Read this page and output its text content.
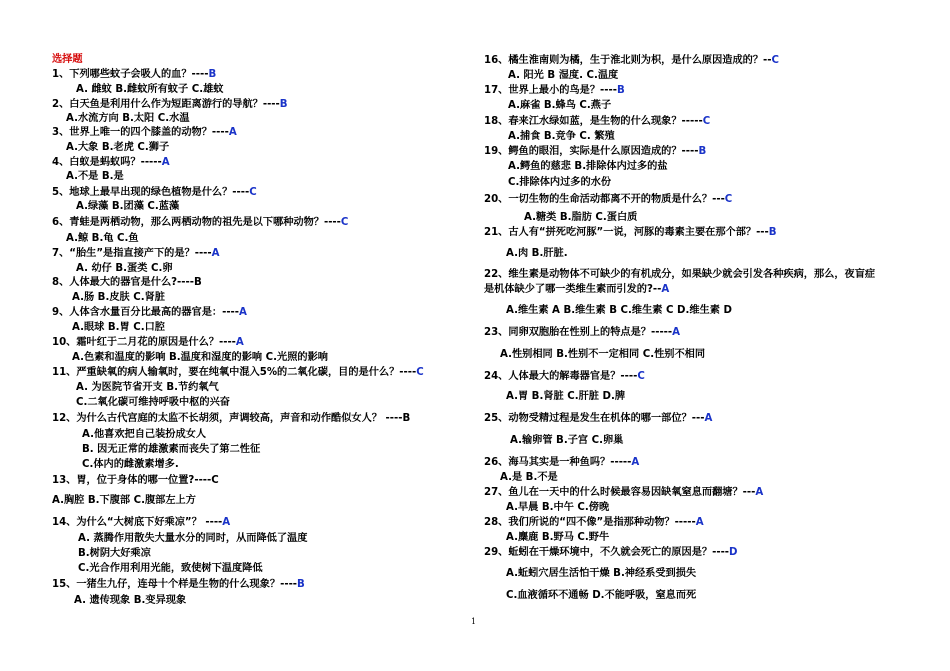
选择题
1、下列哪些蚊子会吸人的血？----B
A. 雌蚊 B.雌蚊所有蚊子 C.雄蚊
2、白天鱼是利用什么作为短距离游行的导航？----B
A.水流方向 B.太阳 C.水温
3、世界上唯一的四个膝盖的动物？----A
A.大象 B.老虎 C.狮子
4、白蚁是蚂蚁吗？-----A
A.不是 B.是
5、地球上最早出现的绿色植物是什么？----C
A.绿藻 B.团藻 C.蓝藻
6、青蛙是两栖动物，那么两栖动物的祖先是以下哪种动物？----C
A.鲸 B.龟 C.鱼
7、“胎生”是指直接产下的是？----A
A. 幼仔 B.蛋类 C.卵
8、人体最大的器官是什么?----B
A.肠 B.皮肤 C.肾脏
9、人体含水量百分比最高的器官是：----A
A.眼球 B.胃 C.口腔
10、霜叶红于二月花的原因是什么？----A
A.色素和温度的影响 B.温度和湿度的影响 C.光照的影响
11、严重缺氧的病人输氧时，要在纯氧中混入5%的二氧化碳，目的是什么？----C
A. 为医院节省开支 B.节约氧气
C.二氧化碳可维持呼吸中枢的兴奋
12、为什么古代宫庭的太监不长胡须，声调较高，声音和动作酷似女人？ ----B
A.他喜欢把自己装扮成女人
B. 因无正常的雄激素而丧失了第二性征
C.体内的雌激素增多.
13、胃，位于身体的哪一位置?----C
A.胸腔 B.下腹部 C.腹部左上方
14、为什么“大树底下好乘凉”？ ----A
A. 蒸腾作用散失大量水分的同时，从而降低了温度
B.树阴大好乘凉
C.光合作用利用光能，致使树下温度降低
15、一猪生九仔，连母十个样是生物的什么现象？----B
A. 遗传现象 B.变异现象
16、橘生淮南则为橘，生于淮北则为枳，是什么原因造成的？--C
A. 阳光 B 湿度. C.温度
17、世界上最小的鸟是？----B
A.麻雀 B.蜂鸟 C.燕子
18、春来江水绿如蓝，是生物的什么现象？-----C
A.捕食 B.竞争 C. 繁殖
19、鳄鱼的眼泪，实际是什么原因造成的？----B
A.鳄鱼的慈悲 B.排除体内过多的盐
C.排除体内过多的水份
20、一切生物的生命活动都离不开的物质是什么？---C
A.糖类 B.脂肪 C.蛋白质
21、古人有“拼死吃河豚”一说，河豚的毒素主要在那个部？---B
A.肉 B.肝脏.
22、维生素是动物体不可缺少的有机成分，如果缺少就会引发各种疾病，那么，夜盲症
是机体缺少了哪一类维生素而引发的?--A
A.维生素 A B.维生素 B C.维生素 C D.维生素 D
23、同卵双胞胎在性别上的特点是？-----A
A.性别相同 B.性别不一定相同 C.性别不相同
24、人体最大的解毒器官是？----C
A.胃 B.肾脏 C.肝脏 D.脾
25、动物受精过程是发生在机体的哪一部位？---A
A.输卵管 B.子宫 C.卵巢
26、海马其实是一种鱼吗？-----A
A.是 B.不是
27、鱼儿在一天中的什么时候最容易因缺氧窒息而翻塘？---A
A.早晨 B.中午 C.傍晚
28、我们所说的“四不像”是指那种动物？-----A
A.麋鹿 B.野马 C.野牛
29、蚯蚓在干燥环境中，不久就会死亡的原因是？----D
A.蚯蚓穴居生活怕干燥 B.神经系受到损失
C.血液循环不通畅 D.不能呼吸，窒息而死
1
